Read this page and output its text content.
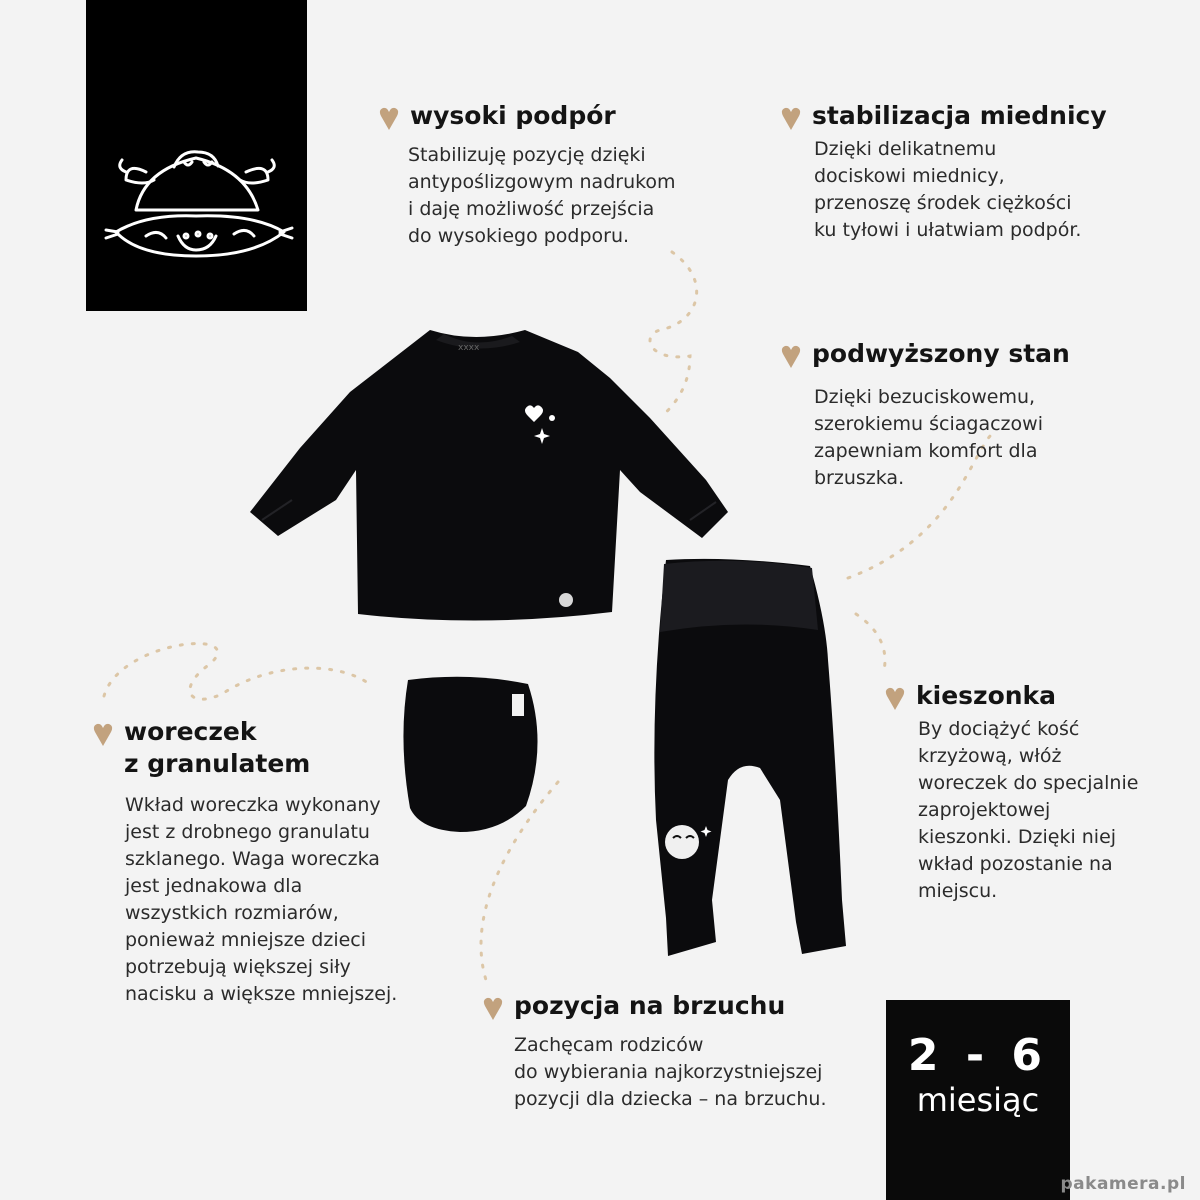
xxxx
wysoki podpór
Stabilizuję pozycję dzięki
antypoślizgowym nadrukom
i daję możliwość przejścia
do wysokiego podporu.
stabilizacja miednicy
Dzięki delikatnemu
dociskowi miednicy,
przenoszę środek ciężkości
ku tyłowi i ułatwiam podpór.
podwyższony stan
Dzięki bezuciskowemu,
szerokiemu ściagaczowi
zapewniam komfort dla
brzuszka.
kieszonka
By dociążyć kość
krzyżową, włóż
woreczek do specjalnie
zaprojektowej
kieszonki. Dzięki niej
wkład pozostanie na
miejscu.
woreczek
z granulatem
Wkład woreczka wykonany
jest z drobnego granulatu
szklanego. Waga woreczka
jest jednakowa dla
wszystkich rozmiarów,
ponieważ mniejsze dzieci
potrzebują większej siły
nacisku a większe mniejszej.	pozycja na brzuchu
Zachęcam rodziców
do wybierania najkorzystniejszej
pozycji dla dziecka – na brzuchu.
2 - 6
miesiąc
pakamera.pl
